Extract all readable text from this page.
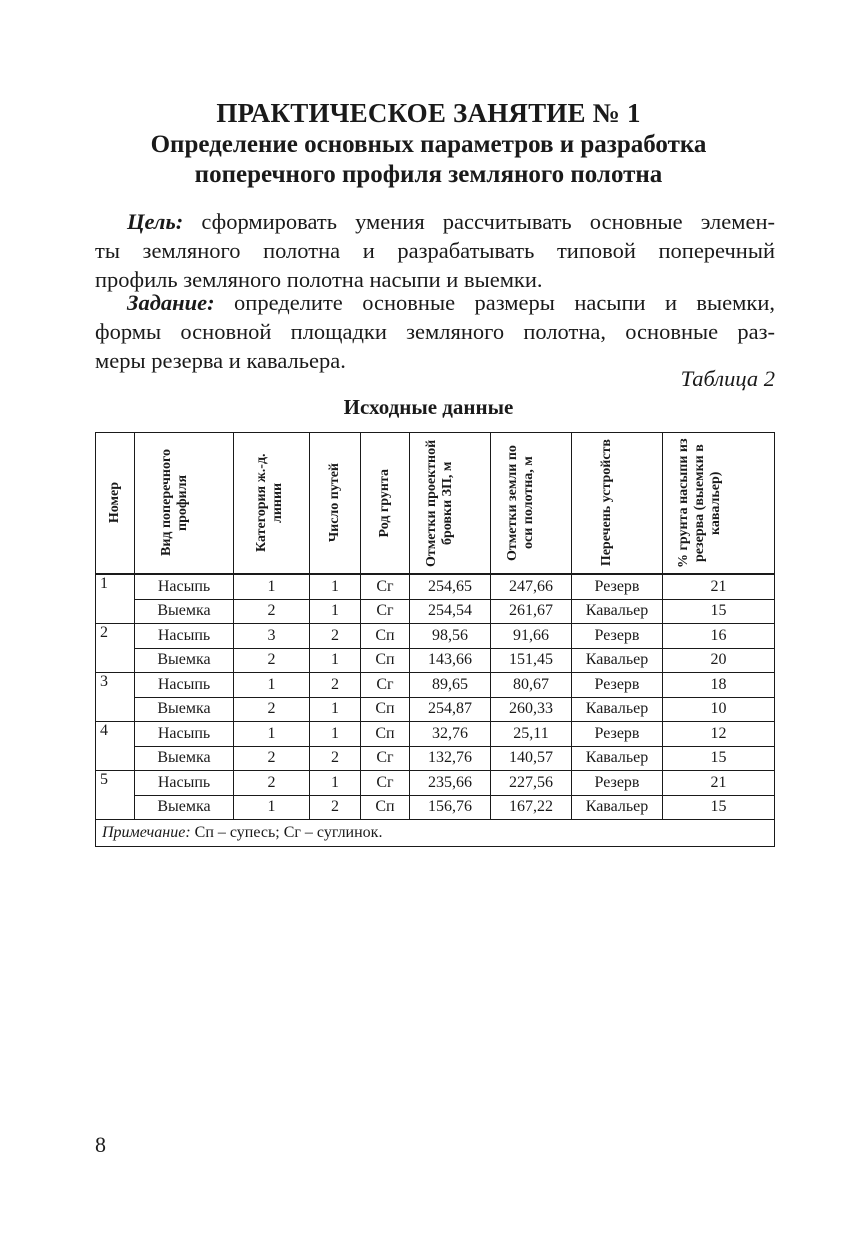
ПРАКТИЧЕСКОЕ ЗАНЯТИЕ № 1
Определение основных параметров и разработка
поперечного профиля земляного полотна
Цель: сформировать умения рассчитывать основные элемен-
ты земляного полотна и разрабатывать типовой поперечный
профиль земляного полотна насыпи и выемки.
Задание: определите основные размеры насыпи и выемки,
формы основной площадки земляного полотна, основные раз-
меры резерва и кавальера.
Таблица 2
Исходные данные
Номер	Вид поперечного профиля	Категория ж.-д. линии	Число путей	Род грунта	Отметки проектной бровки ЗП, м	Отметки земли по оси полотна, м	Перечень устройств	% грунта насыпи из резерва (выемки в кавальер)

1	Насыпь	1	1	Сг	254,65	247,66	Резерв	21
	Выемка	2	1	Сг	254,54	261,67	Кавальер	15
2	Насыпь	3	2	Сп	98,56	91,66	Резерв	16
	Выемка	2	1	Сп	143,66	151,45	Кавальер	20
3	Насыпь	1	2	Сг	89,65	80,67	Резерв	18
	Выемка	2	1	Сп	254,87	260,33	Кавальер	10
4	Насыпь	1	1	Сп	32,76	25,11	Резерв	12
	Выемка	2	2	Сг	132,76	140,57	Кавальер	15
5	Насыпь	2	1	Сг	235,66	227,56	Резерв	21
	Выемка	1	2	Сп	156,76	167,22	Кавальер	15
Примечание: Сп – супесь; Сг – суглинок.								
8
